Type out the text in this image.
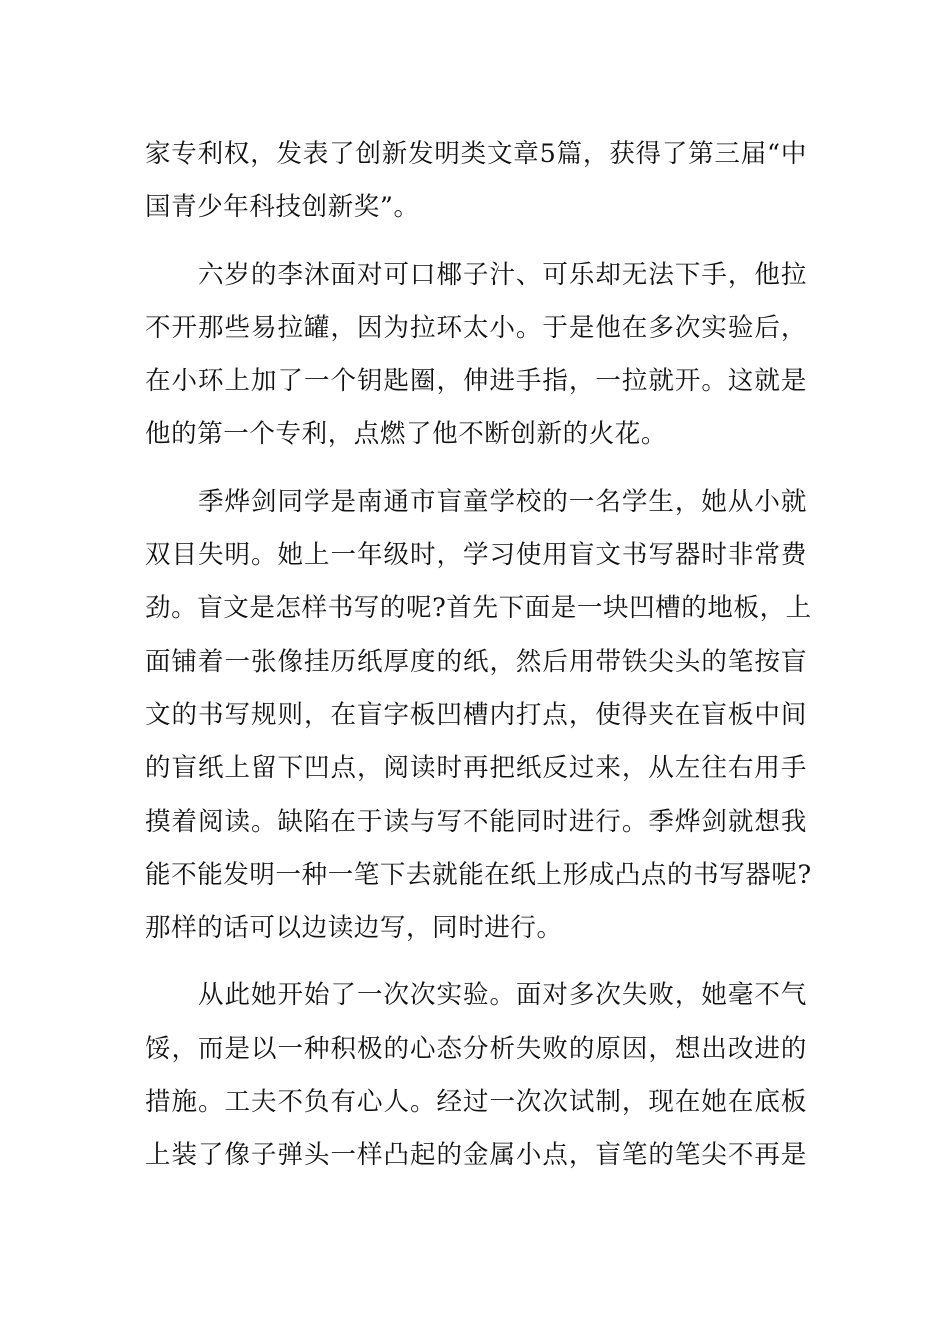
家专利权，发表了创新发明类文章5篇，获得了第三届“中
国青少年科技创新奖”。
　　六岁的李沐面对可口椰子汁、可乐却无法下手，他拉
不开那些易拉罐，因为拉环太小。于是他在多次实验后，
在小环上加了一个钥匙圈，伸进手指，一拉就开。这就是
他的第一个专利，点燃了他不断创新的火花。
　　季烨剑同学是南通市盲童学校的一名学生，她从小就
双目失明。她上一年级时，学习使用盲文书写器时非常费
劲。盲文是怎样书写的呢?首先下面是一块凹槽的地板，上
面铺着一张像挂历纸厚度的纸，然后用带铁尖头的笔按盲
文的书写规则，在盲字板凹槽内打点，使得夹在盲板中间
的盲纸上留下凹点，阅读时再把纸反过来，从左往右用手
摸着阅读。缺陷在于读与写不能同时进行。季烨剑就想我
能不能发明一种一笔下去就能在纸上形成凸点的书写器呢?
那样的话可以边读边写，同时进行。
　　从此她开始了一次次实验。面对多次失败，她毫不气
馁，而是以一种积极的心态分析失败的原因，想出改进的
措施。工夫不负有心人。经过一次次试制，现在她在底板
上装了像子弹头一样凸起的金属小点，盲笔的笔尖不再是
